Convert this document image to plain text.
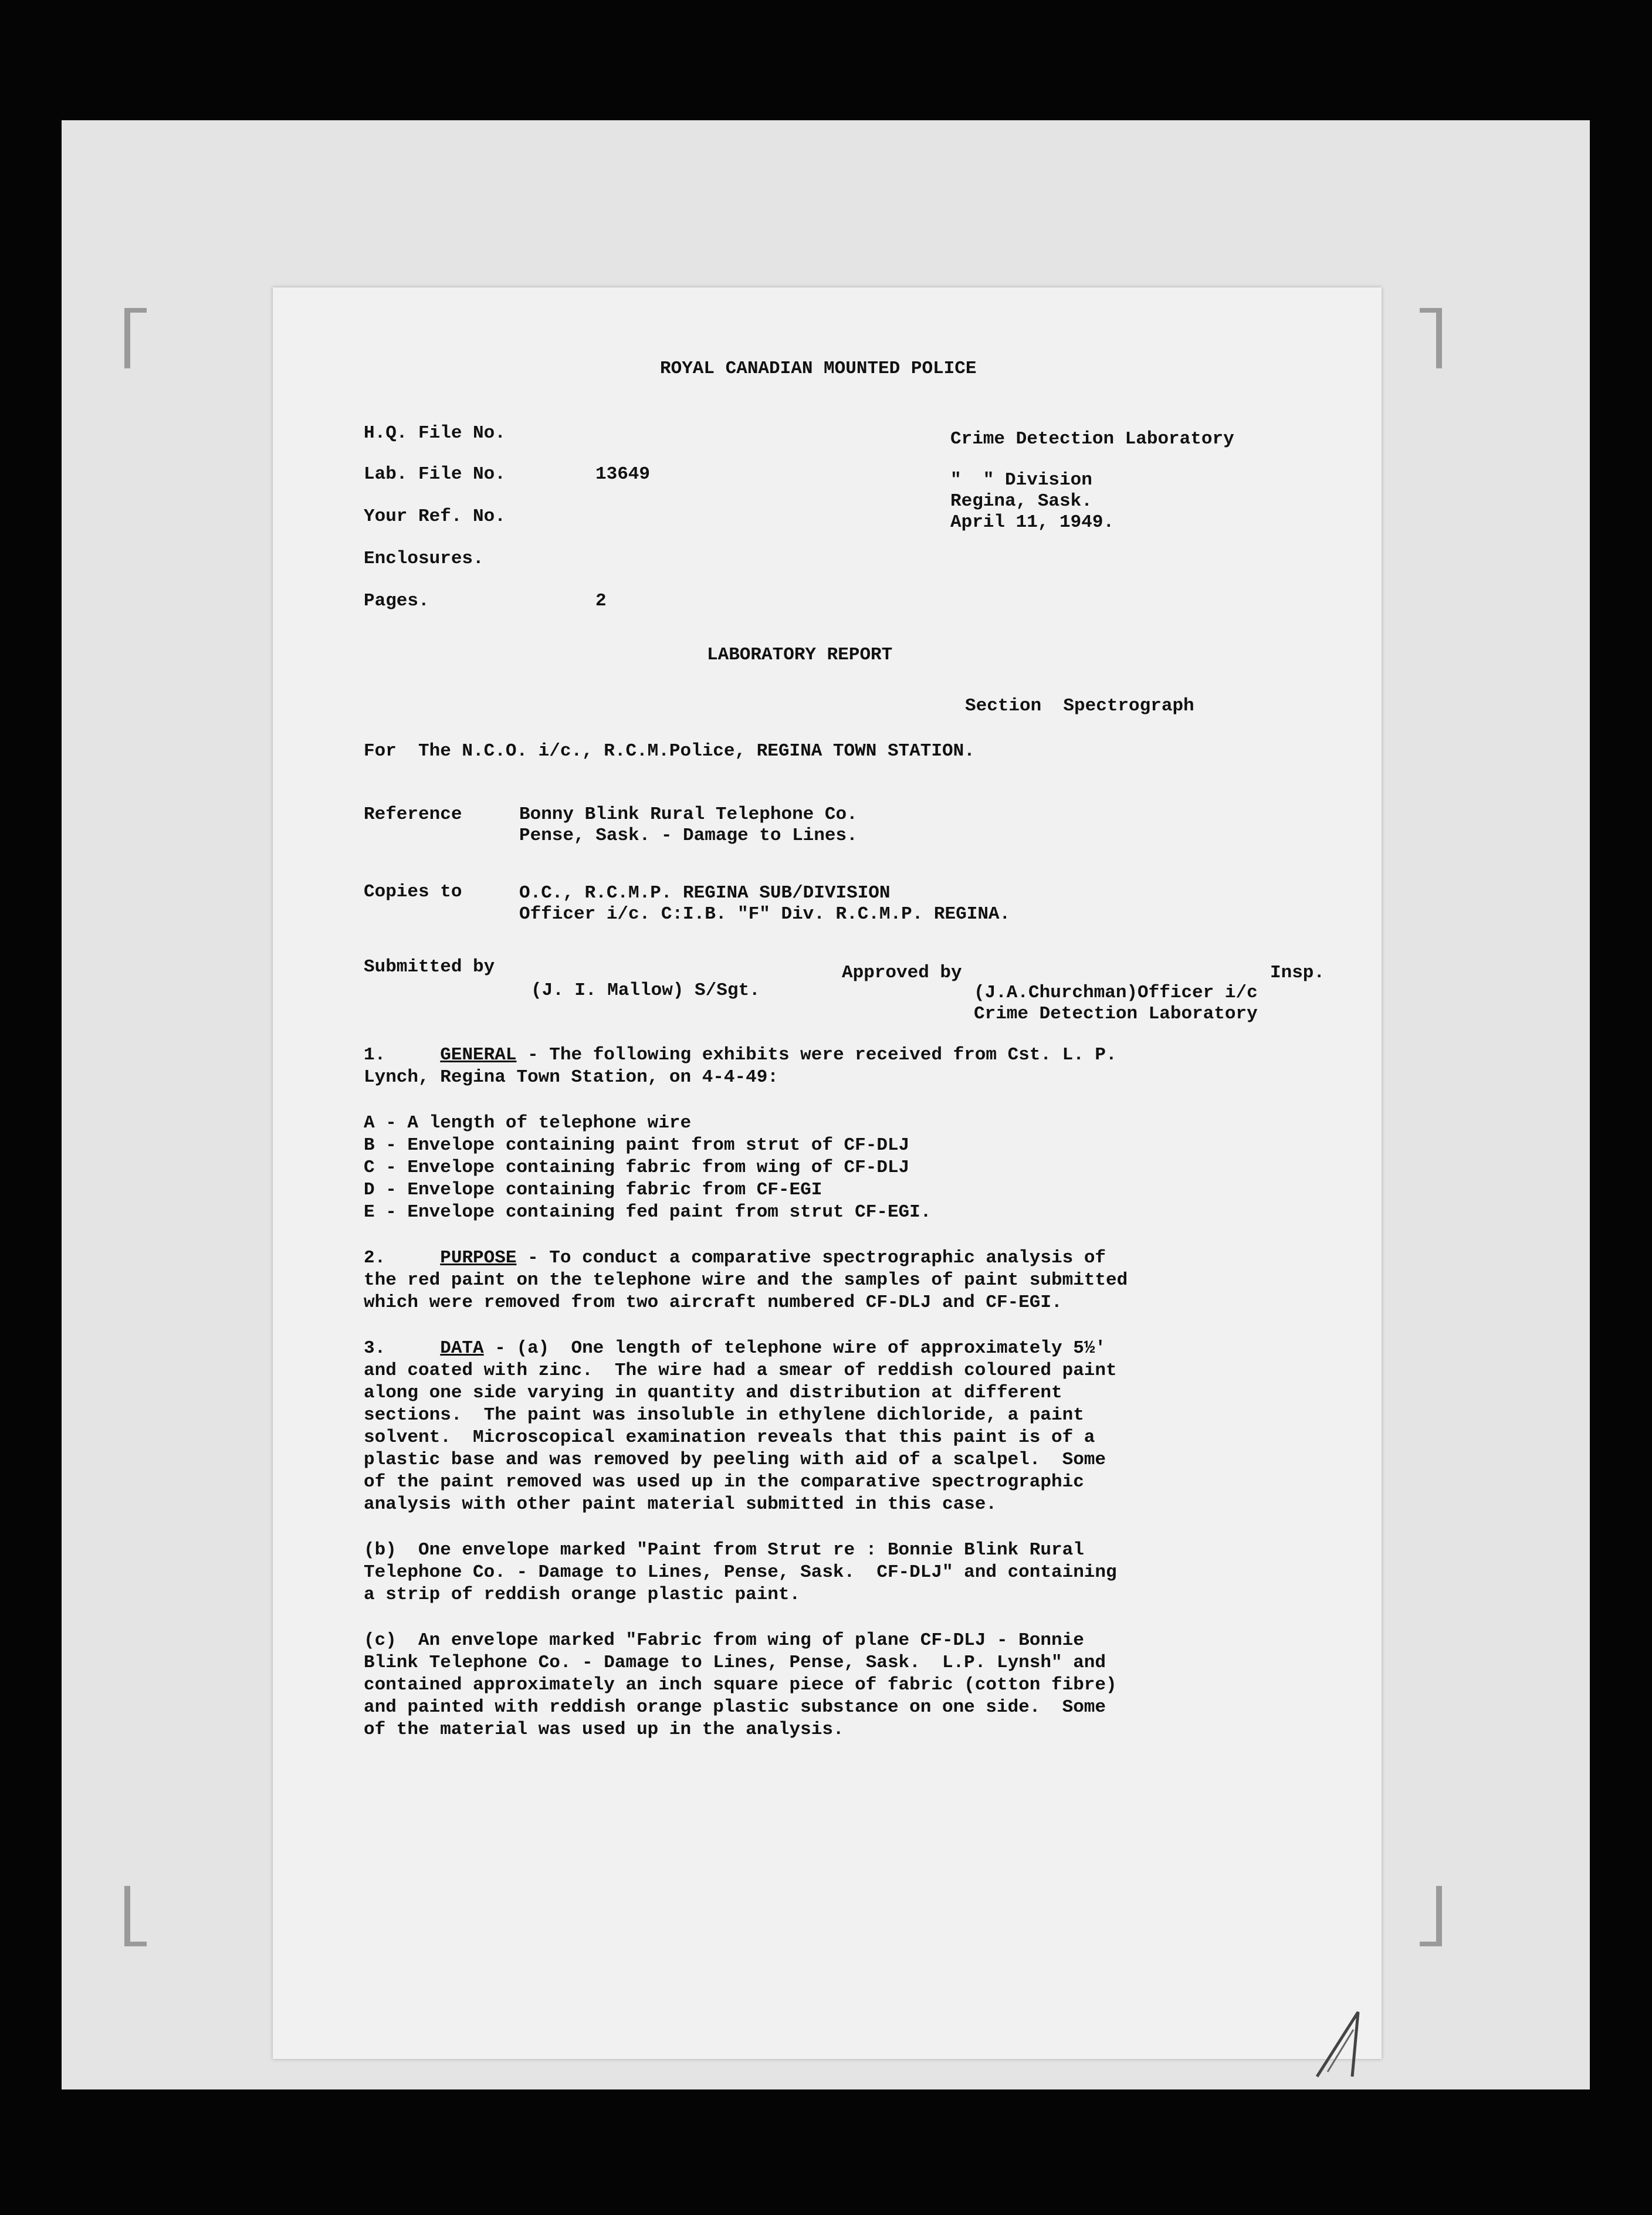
ROYAL CANADIAN MOUNTED POLICE
H.Q. File No.
Lab. File No.	13649
Your Ref. No.
Enclosures.
Pages.	2
Crime Detection Laboratory
"  " Division
Regina, Sask.
April 11, 1949.
LABORATORY REPORT
Section  Spectrograph
For  The N.C.O. i/c., R.C.M.Police, REGINA TOWN STATION.
Reference	Bonny Blink Rural Telephone Co.
Pense, Sask. - Damage to Lines.
Copies to	O.C., R.C.M.P. REGINA SUB/DIVISION
Officer i/c. C:I.B. "F" Div. R.C.M.P. REGINA.
Submitted by
(J. I. Mallow) S/Sgt.
Approved by	Insp.
(J.A.Churchman)Officer i/c
Crime Detection Laboratory
1.	GENERAL - The following exhibits were received from Cst. L. P.
Lynch, Regina Town Station, on 4-4-49:
A - A length of telephone wire
B - Envelope containing paint from strut of CF-DLJ
C - Envelope containing fabric from wing of CF-DLJ
D - Envelope containing fabric from CF-EGI
E - Envelope containing fed paint from strut CF-EGI.
2.	PURPOSE - To conduct a comparative spectrographic analysis of
the red paint on the telephone wire and the samples of paint submitted
which were removed from two aircraft numbered CF-DLJ and CF-EGI.
3.	DATA - (a)  One length of telephone wire of approximately 5½'
and coated with zinc.  The wire had a smear of reddish coloured paint
along one side varying in quantity and distribution at different
sections.  The paint was insoluble in ethylene dichloride, a paint
solvent.  Microscopical examination reveals that this paint is of a
plastic base and was removed by peeling with aid of a scalpel.  Some
of the paint removed was used up in the comparative spectrographic
analysis with other paint material submitted in this case.
(b)  One envelope marked "Paint from Strut re : Bonnie Blink Rural
Telephone Co. - Damage to Lines, Pense, Sask.  CF-DLJ" and containing
a strip of reddish orange plastic paint.
(c)  An envelope marked "Fabric from wing of plane CF-DLJ - Bonnie
Blink Telephone Co. - Damage to Lines, Pense, Sask.  L.P. Lynsh" and
contained approximately an inch square piece of fabric (cotton fibre)
and painted with reddish orange plastic substance on one side.  Some
of the material was used up in the analysis.
